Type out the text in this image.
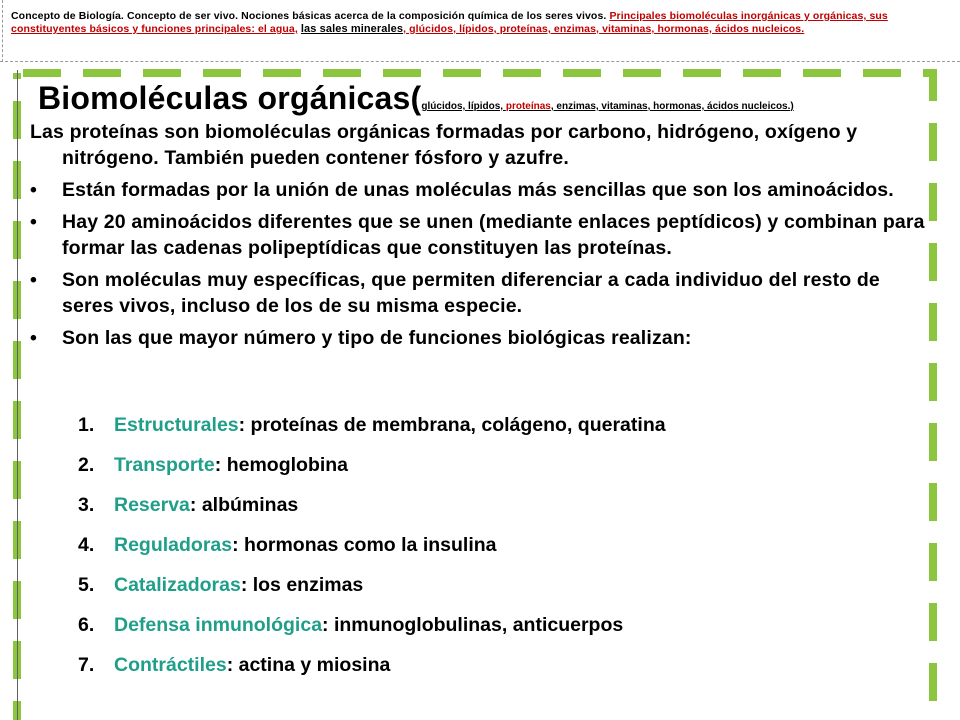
Concepto de Biología. Concepto de ser vivo. Nociones básicas acerca de la composición química de los seres vivos. Principales biomoléculas inorgánicas y orgánicas, sus constituyentes básicos y funciones principales: el agua, las sales minerales, glúcidos, lípidos, proteínas, enzimas, vitaminas, hormonas, ácidos nucleicos.
Biomoléculas orgánicas(glúcidos, lípidos, proteínas, enzimas, vitaminas, hormonas, ácidos nucleicos.)

Las proteínas son biomoléculas orgánicas formadas por carbono, hidrógeno, oxígeno y nitrógeno. También pueden contener fósforo y azufre.

• Están formadas por la unión de unas moléculas más sencillas que son los aminoácidos.
• Hay 20 aminoácidos diferentes que se unen (mediante enlaces peptídicos) y combinan para formar las cadenas polipeptídicas que constituyen las proteínas.
• Son moléculas muy específicas, que permiten diferenciar a cada individuo del resto de seres vivos, incluso de los de su misma especie.
• Son las que mayor número y tipo de funciones biológicas realizan:
1. Estructurales: proteínas de membrana, colágeno, queratina
2. Transporte: hemoglobina
3. Reserva: albúminas
4. Reguladoras: hormonas como la insulina
5. Catalizadoras: los enzimas
6. Defensa inmunológica: inmunoglobulinas, anticuerpos
7. Contráctiles: actina y miosina
